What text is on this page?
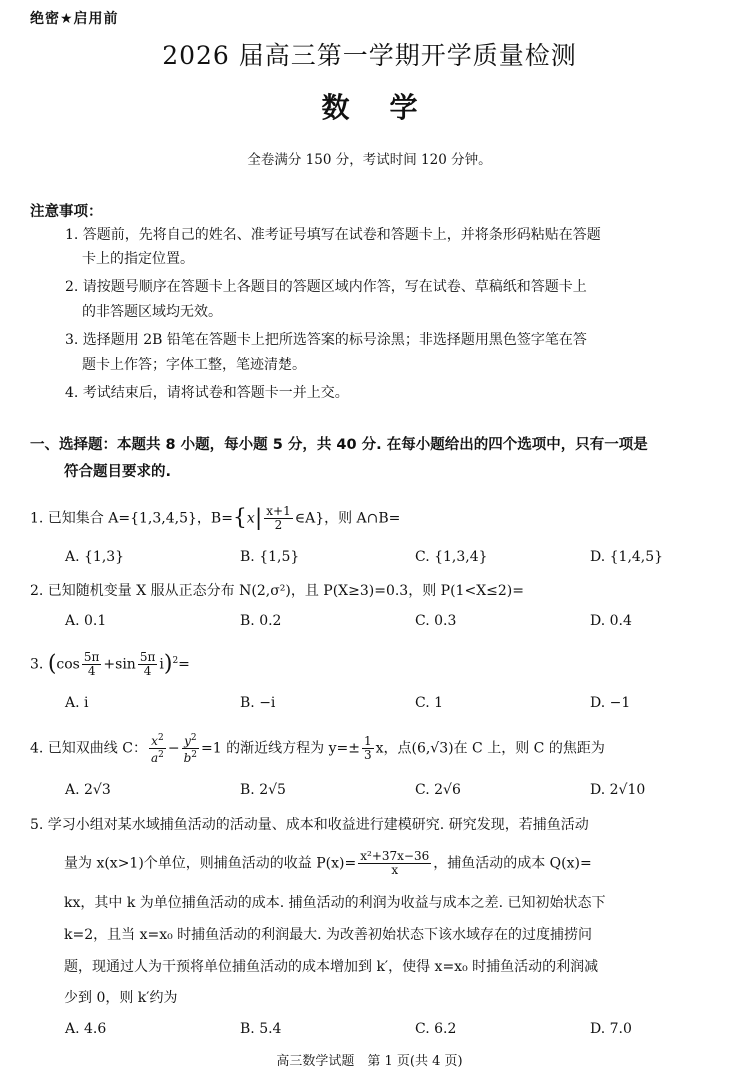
绝密★启用前
2026 届高三第一学期开学质量检测
数学
全卷满分 150 分，考试时间 120 分钟。
注意事项：
1. 答题前，先将自己的姓名、准考证号填写在试卷和答题卡上，并将条形码粘贴在答题
卡上的指定位置。
2. 请按题号顺序在答题卡上各题目的答题区域内作答，写在试卷、草稿纸和答题卡上
的非答题区域均无效。
3. 选择题用 2B 铅笔在答题卡上把所选答案的标号涂黑；非选择题用黑色签字笔在答
题卡上作答；字体工整，笔迹清楚。
4. 考试结束后，请将试卷和答题卡一并上交。
一、选择题：本题共 8 小题，每小题 5 分，共 40 分. 在每小题给出的四个选项中，只有一项是
符合题目要求的.
1. 已知集合 A={1,3,4,5}，$B=\{x| \frac{x+1}{2}$ ∈A}，则 A∩B=
A. {1,3}	B. {1,5}	C. {1,3,4}	D. {1,4,5}
2. 已知随机变量 X 服从正态分布 N(2,σ²)，且 P(X≥3)=0.3，则 P(1<X≤2)=
A. 0.1	B. 0.2	C. 0.3	D. 0.4
3. $(\cos \frac{5\pi}{4} +\sin \frac{5\pi}{4} i)^2=$
A. i	B. −i	C. 1	D. −1
4. 已知双曲线 C： $\frac{x^2}{a^2} - \frac{y^2}{b^2} =1$ 的渐近线方程为 $y=\pm \frac{1}{3}$ x，点(6,√3)在 C 上，则 C 的焦距为
A. 2√3	B. 2√5	C. 2√6	D. 2√10
5. 学习小组对某水域捕鱼活动的活动量、成本和收益进行建模研究. 研究发现，若捕鱼活动
量为 x(x>1)个单位，则捕鱼活动的收益 $P(x)= \frac{\text{x²+37x−36}}{x}$ ，捕鱼活动的成本 Q(x)=
kx，其中 k 为单位捕鱼活动的成本. 捕鱼活动的利润为收益与成本之差. 已知初始状态下
k=2，且当 x=x₀ 时捕鱼活动的利润最大. 为改善初始状态下该水域存在的过度捕捞问
题，现通过人为干预将单位捕鱼活动的成本增加到 k′，使得 x=x₀ 时捕鱼活动的利润减
少到 0，则 k′约为
A. 4.6	B. 5.4	C. 6.2	D. 7.0
高三数学试题　第 1 页(共 4 页)
